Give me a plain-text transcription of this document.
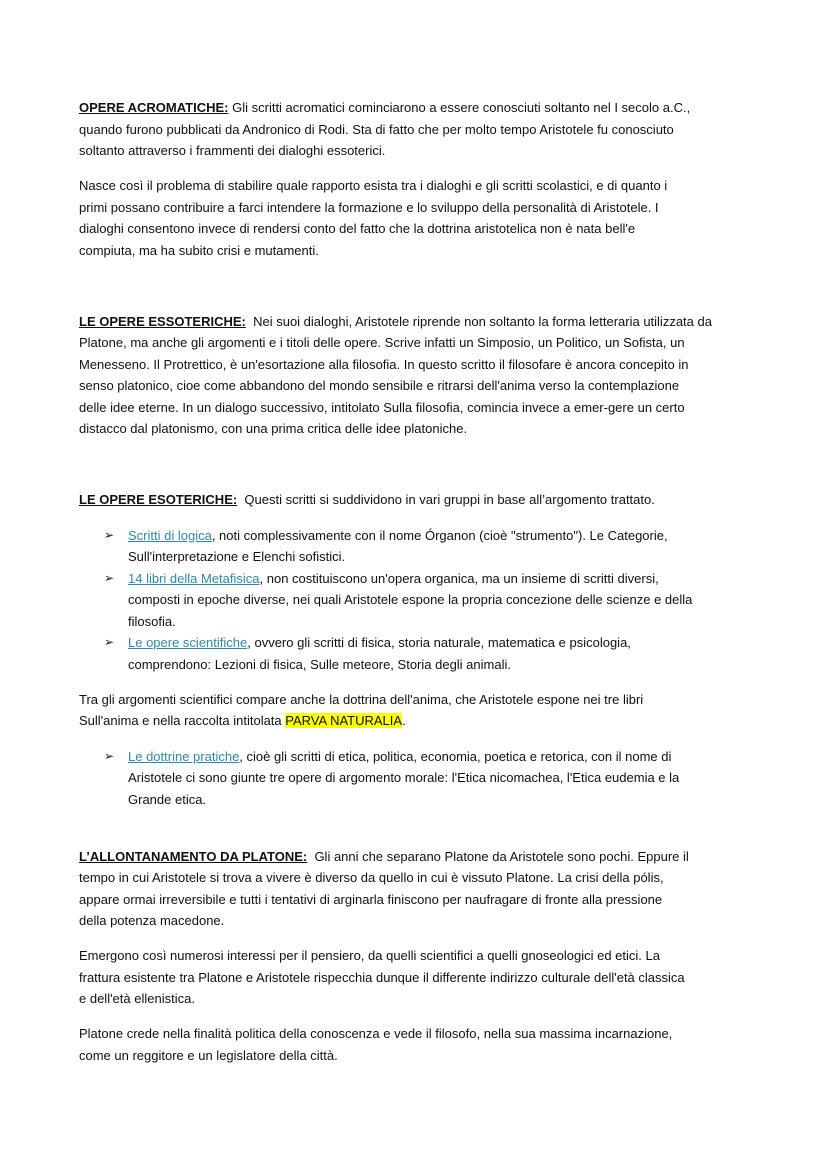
OPERE ACROMATICHE: Gli scritti acromatici cominciarono a essere conosciuti soltanto nel I secolo a.C.,
quando furono pubblicati da Andronico di Rodi. Sta di fatto che per molto tempo Aristotele fu conosciuto
soltanto attraverso i frammenti dei dialoghi essoterici.
Nasce così il problema di stabilire quale rapporto esista tra i dialoghi e gli scritti scolastici, e di quanto i
primi possano contribuire a farci intendere la formazione e lo sviluppo della personalità di Aristotele. I
dialoghi consentono invece di rendersi conto del fatto che la dottrina aristotelica non è nata bell'e
compiuta, ma ha subito crisi e mutamenti.
LE OPERE ESSOTERICHE:  Nei suoi dialoghi, Aristotele riprende non soltanto la forma letteraria utilizzata da
Platone, ma anche gli argomenti e i titoli delle opere. Scrive infatti un Simposio, un Politico, un Sofista, un
Menesseno. Il Protrettico, è un'esortazione alla filosofia. In questo scritto il filosofare è ancora concepito in
senso platonico, cioe come abbandono del mondo sensibile e ritrarsi dell'anima verso la contemplazione
delle idee eterne. In un dialogo successivo, intitolato Sulla filosofia, comincia invece a emer-gere un certo
distacco dal platonismo, con una prima critica delle idee platoniche.
LE OPERE ESOTERICHE:  Questi scritti si suddividono in vari gruppi in base all’argomento trattato.
➢ Scritti di logica, noti complessivamente con il nome Órganon (cioè "strumento"). Le Categorie,
Sull'interpretazione e Elenchi sofistici.
➢ 14 libri della Metafisica, non costituiscono un'opera organica, ma un insieme di scritti diversi,
composti in epoche diverse, nei quali Aristotele espone la propria concezione delle scienze e della
filosofia.
➢ Le opere scientifiche, ovvero gli scritti di fisica, storia naturale, matematica e psicologia,
comprendono: Lezioni di fisica, Sulle meteore, Storia degli animali.
Tra gli argomenti scientifici compare anche la dottrina dell'anima, che Aristotele espone nei tre libri
Sull'anima e nella raccolta intitolata PARVA NATURALIA.
➢ Le dottrine pratiche, cioè gli scritti di etica, politica, economia, poetica e retorica, con il nome di
Aristotele ci sono giunte tre opere di argomento morale: l'Etica nicomachea, l'Etica eudemia e la
Grande etica.
L’ALLONTANAMENTO DA PLATONE:  Gli anni che separano Platone da Aristotele sono pochi. Eppure il
tempo in cui Aristotele si trova a vivere è diverso da quello in cui è vissuto Platone. La crisi della pólis,
appare ormai irreversibile e tutti i tentativi di arginarla finiscono per naufragare di fronte alla pressione
della potenza macedone.
Emergono così numerosi interessi per il pensiero, da quelli scientifici a quelli gnoseologici ed etici. La
frattura esistente tra Platone e Aristotele rispecchia dunque il differente indirizzo culturale dell'età classica
e dell'età ellenistica.
Platone crede nella finalità politica della conoscenza e vede il filosofo, nella sua massima incarnazione,
come un reggitore e un legislatore della città.
